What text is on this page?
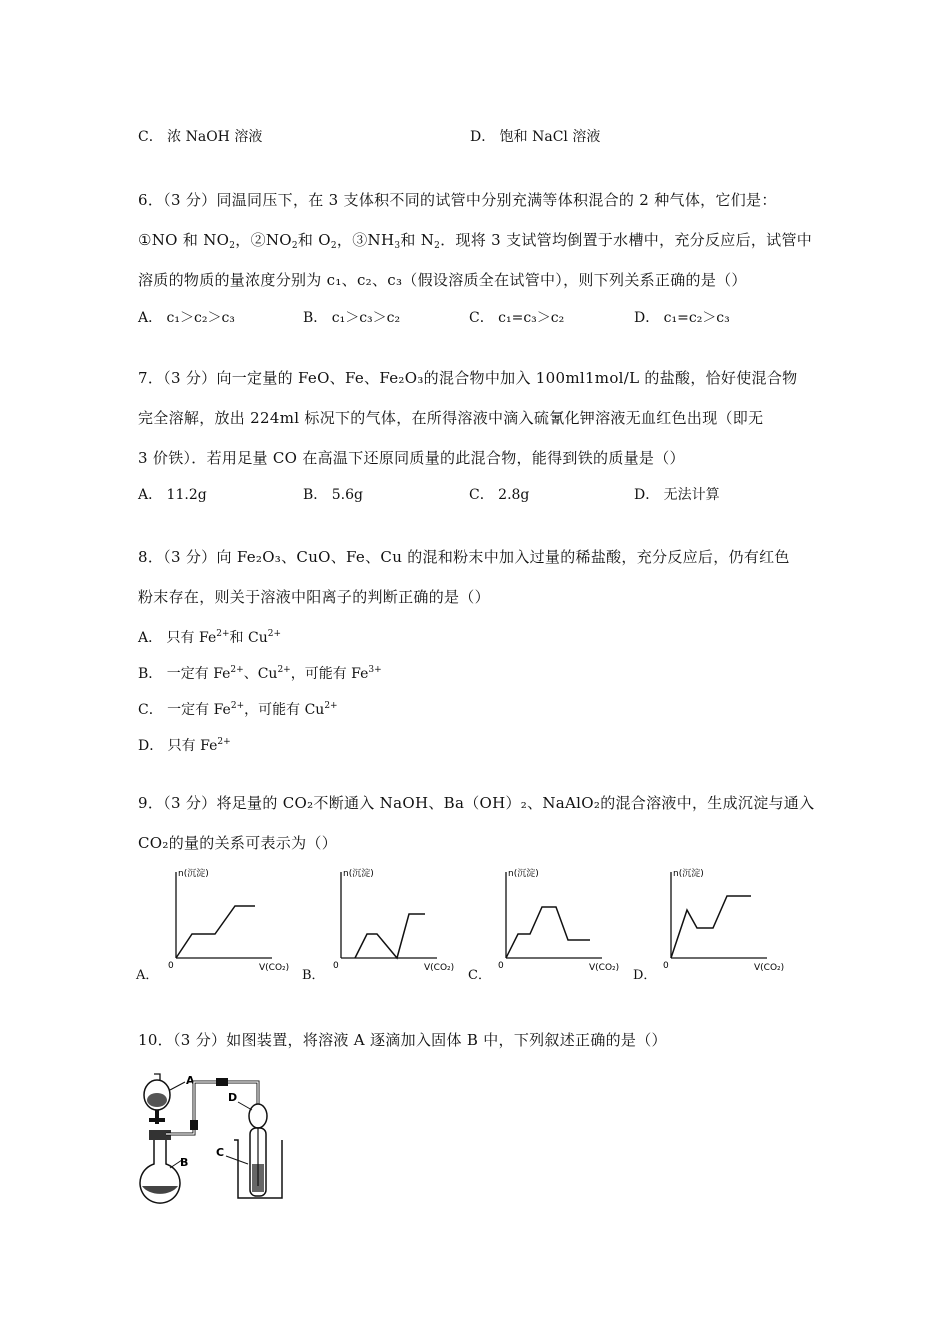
C． 浓 NaOH 溶液	D． 饱和 NaCl 溶液
6．（3 分）同温同压下，在 3 支体积不同的试管中分别充满等体积混合的 2 种气体，它们是：
①NO 和 $NO_2$，$②NO_2$和 $O_2$，$③NH_3$和 $N_2$．现将 3 支试管均倒置于水槽中，充分反应后，试管中
溶质的物质的量浓度分别为 c₁、c₂、c₃（假设溶质全在试管中），则下列关系正确的是（）
A． c₁＞c₂＞c₃	B． c₁＞c₃＞c₂	C． c₁=c₃＞c₂	D． c₁=c₂＞c₃
7．（3 分）向一定量的 FeO、Fe、Fe₂O₃的混合物中加入 100ml1mol/L 的盐酸，恰好使混合物
完全溶解，放出 224ml 标况下的气体，在所得溶液中滴入硫氰化钾溶液无血红色出现（即无
3 价铁）．若用足量 CO 在高温下还原同质量的此混合物，能得到铁的质量是（）
A． 11.2g	B． 5.6g	C． 2.8g	D． 无法计算
8．（3 分）向 Fe₂O₃、CuO、Fe、Cu 的混和粉末中加入过量的稀盐酸，充分反应后，仍有红色
粉末存在，则关于溶液中阳离子的判断正确的是（）
A． 只有 $Fe^{2+}$和 $Cu^{2+}$
B． 一定有 $Fe^{2+}$、$Cu^{2+}$，可能有 $Fe^{3+}$
C． 一定有 $Fe^{2+}$，可能有 $Cu^{2+}$
D． 只有 $Fe^{2+}$
9．（3 分）将足量的 CO₂不断通入 NaOH、Ba（OH）₂、NaAlO₂的混合溶液中，生成沉淀与通入
CO₂的量的关系可表示为（）
A．
n(沉淀)
V(CO₂)
0
B．
n(沉淀)
V(CO₂)
0
C．
n(沉淀)
V(CO₂)
0
D．
n(沉淀)
V(CO₂)
0
10．（3 分）如图装置，将溶液 A 逐滴加入固体 B 中，下列叙述正确的是（）
A
B
D
C
